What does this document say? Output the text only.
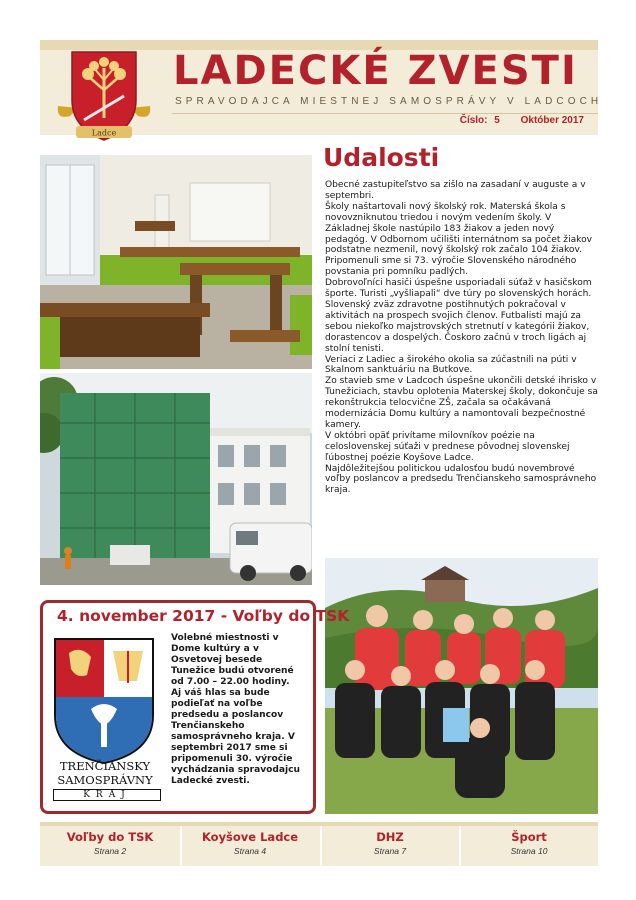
Ladce
LADECKÉ ZVESTI
SPRAVODAJCA MIESTNEJ SAMOSPRÁVY V LADCOCH
Číslo: 5 Október 2017
Udalosti

Obecné zastupiteľstvo sa zišlo na zasadaní v auguste a v septembri.

Školy naštartovali nový školský rok. Materská škola s novovzniknutou triedou i novým vedením školy. V Základnej škole nastúpilo 183 žiakov a jeden nový pedagóg. V Odbornom učilišti internátnom sa počet žiakov podstatne nezmenil, nový školský rok začalo 104 žiakov.

Pripomenuli sme si 73. výročie Slovenského národného povstania pri pomníku padlých.

Dobrovoľníci hasiči úspešne usporiadali súťaž v hasičskom športe. Turisti „vyšliapali“ dve túry po slovenských horách. Slovenský zväz zdravotne postihnutých pokračoval v aktivitách na prospech svojich členov. Futbalisti majú za sebou niekoľko majstrovských stretnutí v kategórii žiakov, dorastencov a dospelých. Čoskoro začnú v troch ligách aj stolní tenisti.

Veriaci z Ladiec a širokého okolia sa zúčastnili na púti v Skalnom sanktuáriu na Butkove.

Zo stavieb sme v Ladcoch úspešne ukončili detské ihrisko v Tunežiciach, stavbu oplotenia Materskej školy, dokončuje sa rekonštrukcia telocvične ZŠ, začala sa očakávaná modernizácia Domu kultúry a namontovali bezpečnostné kamery.

V októbri opäť privítame milovníkov poézie na celoslovenskej súťaži v prednese pôvodnej slovenskej ľúbostnej poézie Koyšove Ladce.

Najdôležitejšou politickou udalosťou budú novembrové voľby poslancov a predsedu Trenčianskeho samosprávneho kraja.

4. november 2017 - Voľby do TSK
TRENČIANSKY
SAMOSPRÁVNY
KRAJ

Volebné miestnosti v Dome kultúry a v Osvetovej besede Tunežice budú otvorené od 7.00 – 22.00 hodiny.

Aj váš hlas sa bude podieľať na voľbe predsedu a poslancov Trenčianskeho samosprávneho kraja. V septembri 2017 sme si pripomenuli 30. výročie vychádzania spravodajcu Ladecké zvesti.

Voľby do TSK
Strana 2
Koyšove Ladce
Strana 4
DHZ
Strana 7
Šport
Strana 10
